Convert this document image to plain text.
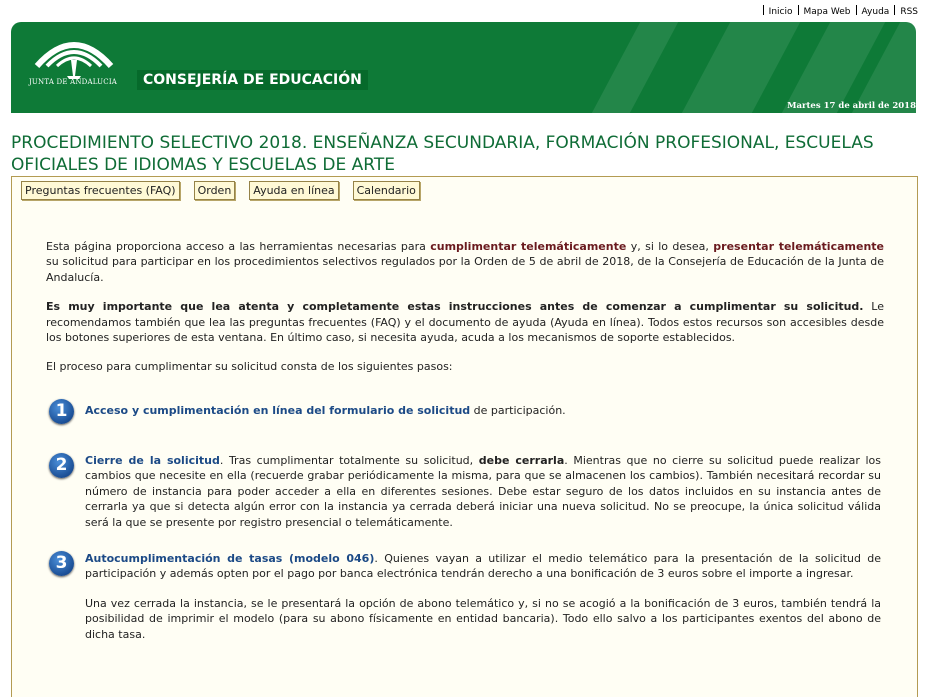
Inicio Mapa Web Ayuda RSS
JUNTA DE ANDALUCIA	CONSEJERÍA DE EDUCACIÓN
Martes 17 de abril de 2018
PROCEDIMIENTO SELECTIVO 2018. ENSEÑANZA SECUNDARIA, FORMACIÓN PROFESIONAL, ESCUELAS OFICIALES DE IDIOMAS Y ESCUELAS DE ARTE
Preguntas frecuentes (FAQ)	Orden	Ayuda en línea	Calendario

Esta página proporciona acceso a las herramientas necesarias para cumplimentar telemáticamente y, si lo desea, presentar telemáticamente su solicitud para participar en los procedimientos selectivos regulados por la Orden de 5 de abril de 2018, de la Consejería de Educación de la Junta de Andalucía.

Es muy importante que lea atenta y completamente estas instrucciones antes de comenzar a cumplimentar su solicitud. Le recomendamos también que lea las preguntas frecuentes (FAQ) y el documento de ayuda (Ayuda en línea). Todos estos recursos son accesibles desde los botones superiores de esta ventana. En último caso, si necesita ayuda, acuda a los mecanismos de soporte establecidos.

El proceso para cumplimentar su solicitud consta de los siguientes pasos:

1	Acceso y cumplimentación en línea del formulario de solicitud de participación.
2	Cierre de la solicitud. Tras cumplimentar totalmente su solicitud, debe cerrarla. Mientras que no cierre su solicitud puede realizar los cambios que necesite en ella (recuerde grabar periódicamente la misma, para que se almacenen los cambios). También necesitará recordar su número de instancia para poder acceder a ella en diferentes sesiones. Debe estar seguro de los datos incluidos en su instancia antes de cerrarla ya que si detecta algún error con la instancia ya cerrada deberá iniciar una nueva solicitud. No se preocupe, la única solicitud válida será la que se presente por registro presencial o telemáticamente.
3	Autocumplimentación de tasas (modelo 046). Quienes vayan a utilizar el medio telemático para la presentación de la solicitud de participación y además opten por el pago por banca electrónica tendrán derecho a una bonificación de 3 euros sobre el importe a ingresar.

Una vez cerrada la instancia, se le presentará la opción de abono telemático y, si no se acogió a la bonificación de 3 euros, también tendrá la posibilidad de imprimir el modelo (para su abono físicamente en entidad bancaria). Todo ello salvo a los participantes exentos del abono de dicha tasa.
